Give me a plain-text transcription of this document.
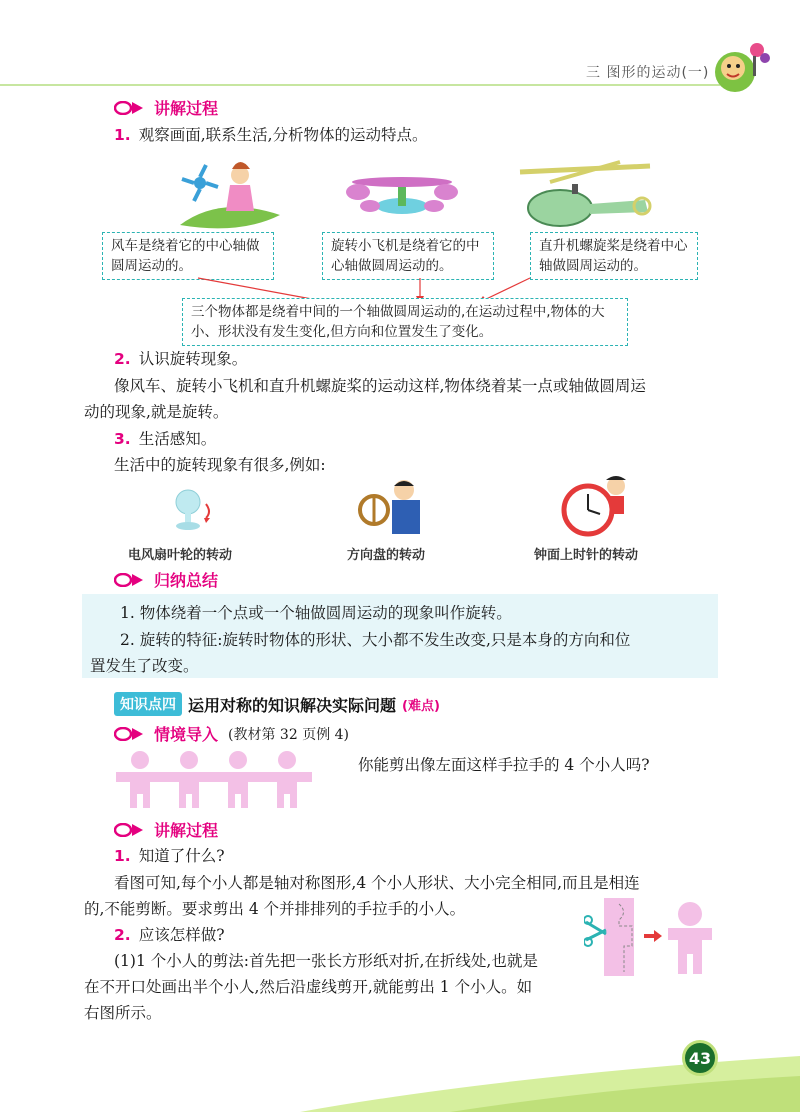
三 图形的运动(一)
讲解过程
1. 观察画面,联系生活,分析物体的运动特点。
风车是绕着它的中心轴做圆周运动的。
旋转小飞机是绕着它的中心轴做圆周运动的。
直升机螺旋桨是绕着中心轴做圆周运动的。
三个物体都是绕着中间的一个轴做圆周运动的,在运动过程中,物体的大小、形状没有发生变化,但方向和位置发生了变化。
2. 认识旋转现象。
像风车、旋转小飞机和直升机螺旋桨的运动这样,物体绕着某一点或轴做圆周运
动的现象,就是旋转。
3. 生活感知。
生活中的旋转现象有很多,例如:
电风扇叶轮的转动	方向盘的转动	钟面上时针的转动
归纳总结
1. 物体绕着一个点或一个轴做圆周运动的现象叫作旋转。
2. 旋转的特征:旋转时物体的形状、大小都不发生改变,只是本身的方向和位
置发生了改变。
知识点四 运用对称的知识解决实际问题 (难点)
情境导入 (教材第 32 页例 4)
你能剪出像左面这样手拉手的 4 个小人吗?
讲解过程
1. 知道了什么?
看图可知,每个小人都是轴对称图形,4 个小人形状、大小完全相同,而且是相连
的,不能剪断。要求剪出 4 个并排排列的手拉手的小人。
2. 应该怎样做?
(1)1 个小人的剪法:首先把一张长方形纸对折,在折线处,也就是
在不开口处画出半个小人,然后沿虚线剪开,就能剪出 1 个小人。如
右图所示。
43
